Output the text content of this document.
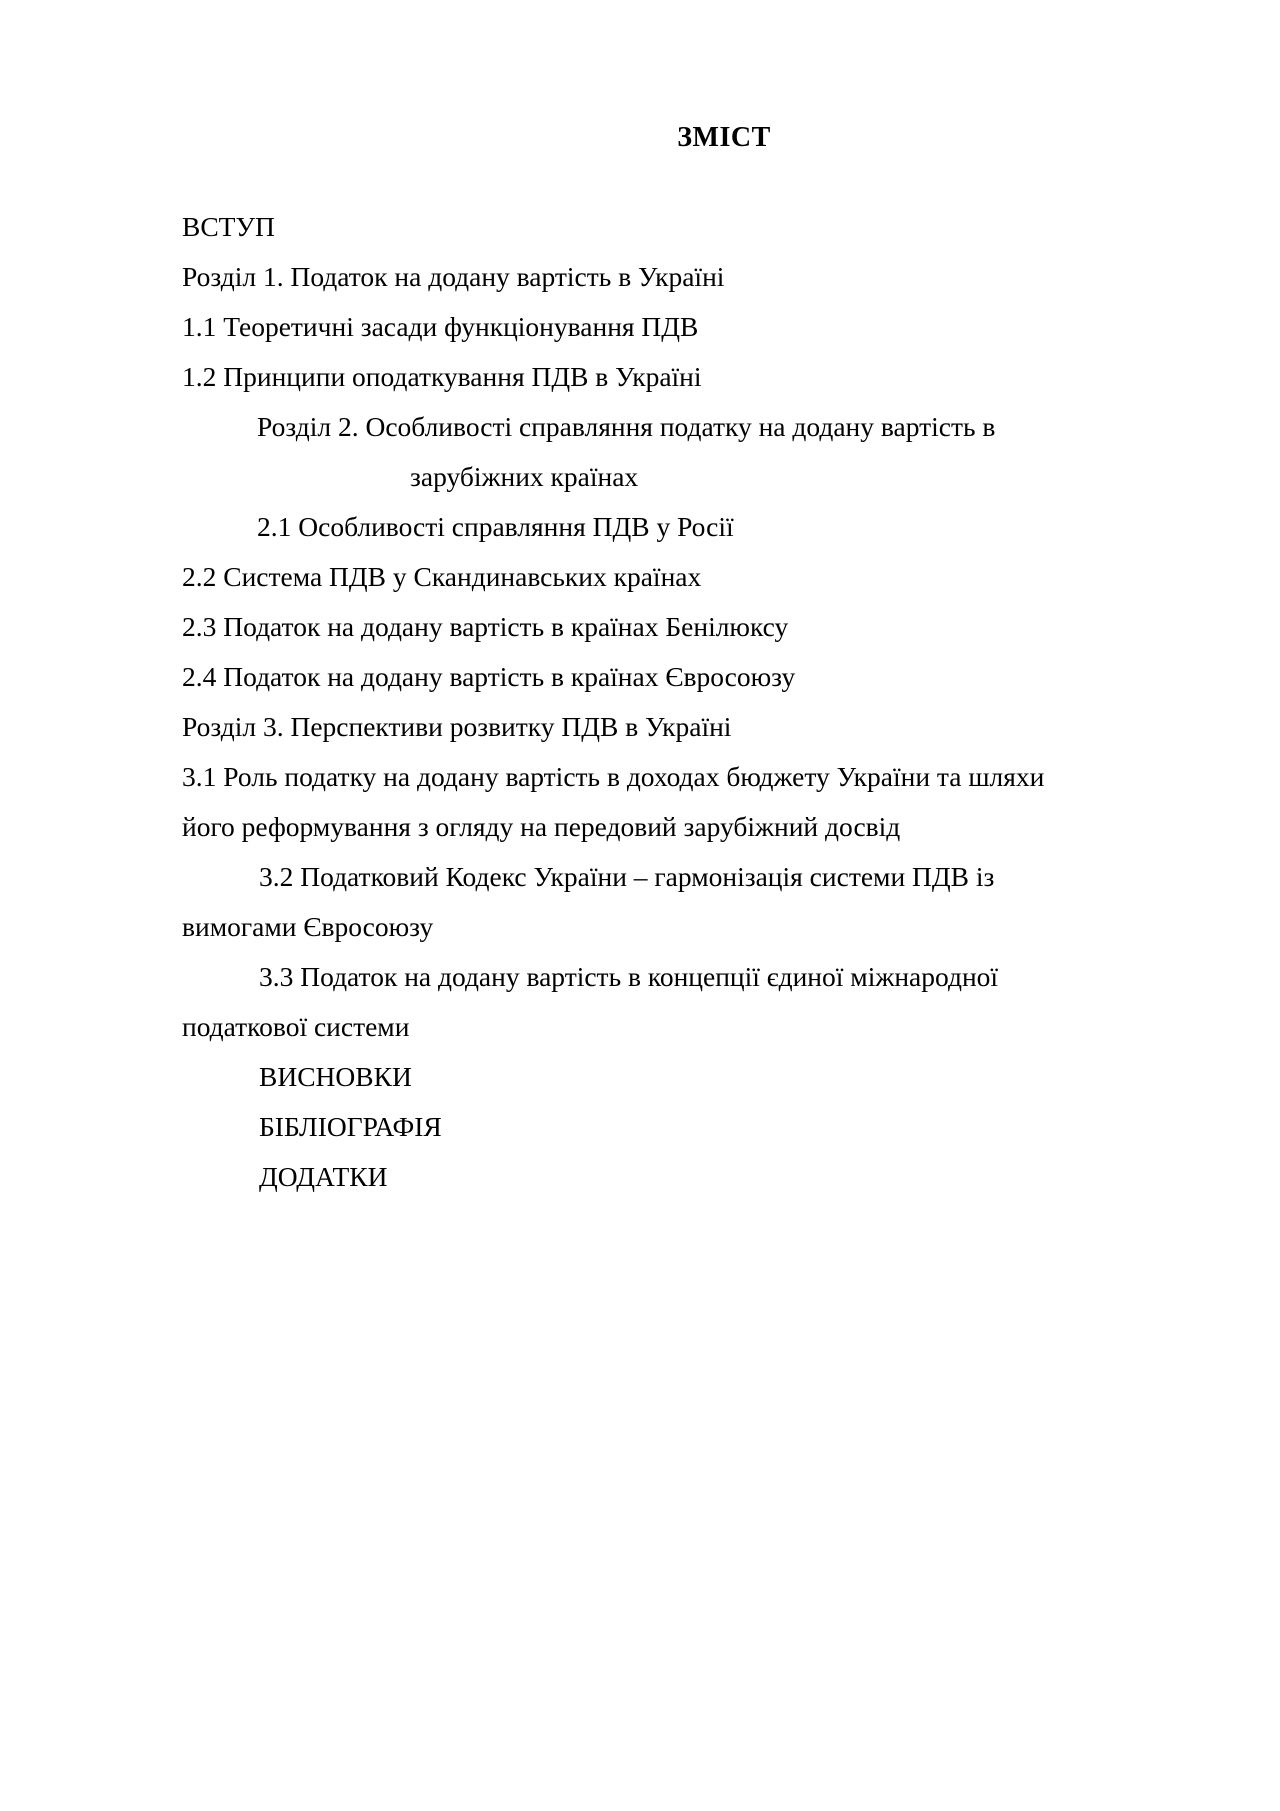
ЗМІСТ
ВСТУП
Розділ 1. Податок на додану вартість в Україні
1.1 Теоретичні засади функціонування ПДВ
1.2 Принципи оподаткування ПДВ в Україні
Розділ 2. Особливості справляння податку на додану вартість в
зарубіжних країнах
2.1 Особливості справляння ПДВ у Росії
2.2 Система ПДВ у Скандинавських країнах
2.3 Податок на додану вартість в країнах Бенілюксу
2.4 Податок на додану вартість в країнах Євросоюзу
Розділ 3. Перспективи розвитку ПДВ в Україні
3.1 Роль податку на додану вартість в доходах бюджету України та шляхи
його реформування з огляду на передовий зарубіжний досвід
3.2 Податковий Кодекс України – гармонізація системи ПДВ із
вимогами Євросоюзу
3.3 Податок на додану вартість в концепції єдиної міжнародної
податкової системи
ВИСНОВКИ
БІБЛІОГРАФІЯ
ДОДАТКИ
